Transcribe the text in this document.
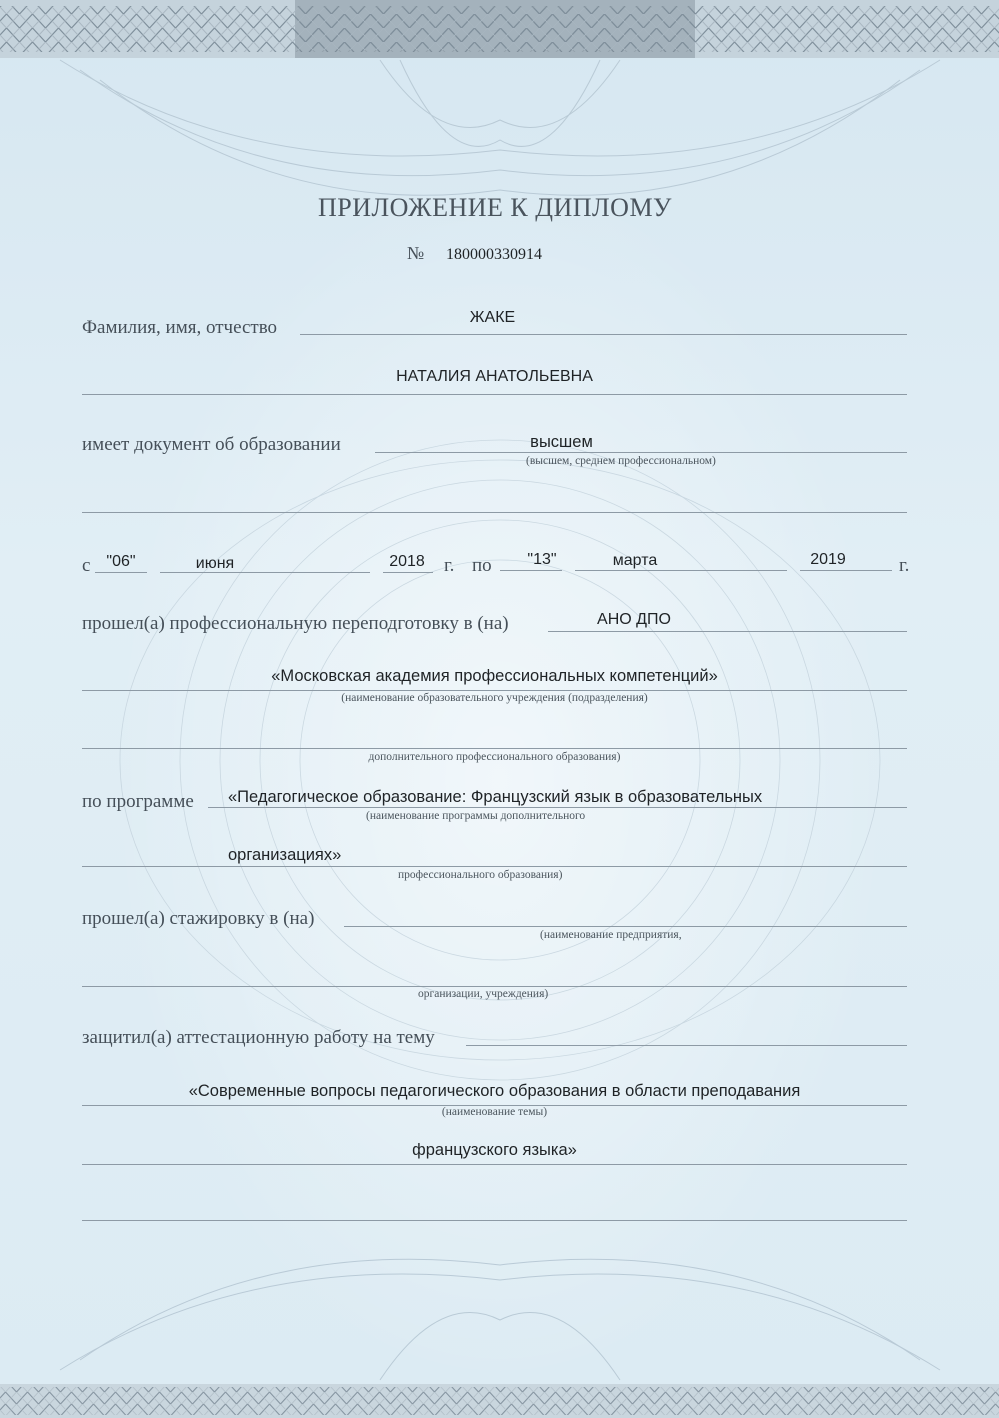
ПРИЛОЖЕНИЕ К ДИПЛОМУ
№ 180000330914
Фамилия, имя, отчество	ЖАКЕ
НАТАЛИЯ АНАТОЛЬЕВНА
имеет документ об образовании	высшем
(высшем, среднем профессиональном)
с "06"	июня	2018	г. по	"13"	марта	2019	г.
прошел(а) профессиональную переподготовку в (на)	АНО ДПО
«Московская академия профессиональных компетенций»
(наименование образовательного учреждения (подразделения)
дополнительного профессионального образования)
по программе «Педагогическое образование: Французский язык в образовательных
(наименование программы дополнительного
организациях»
профессионального образования)
прошел(а) стажировку в (на)
(наименование предприятия,
организации, учреждения)
защитил(а) аттестационную работу на тему
«Современные вопросы педагогического образования в области преподавания
(наименование темы)
французского языка»
